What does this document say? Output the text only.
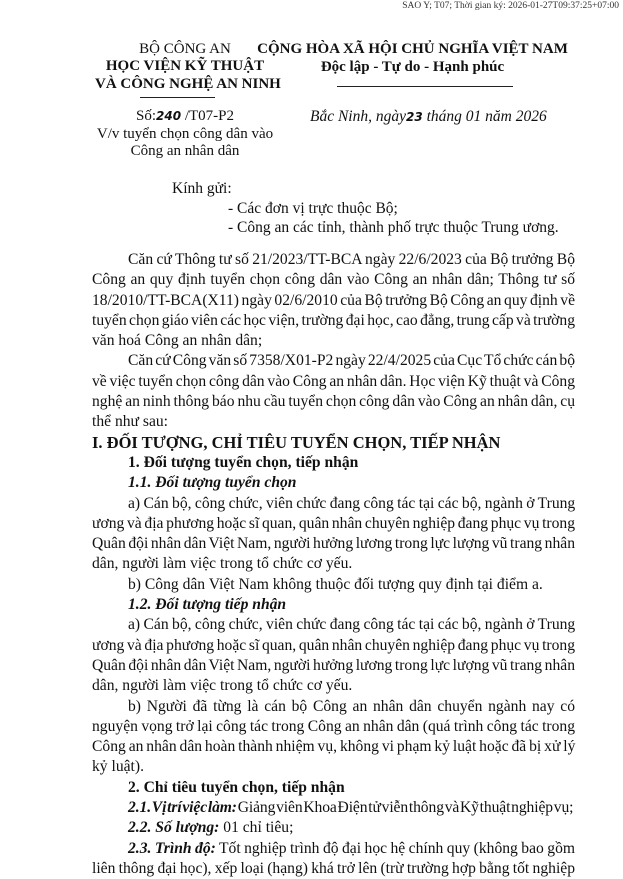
SAO Y; T07; Thời gian ký: 2026-01-27T09:37:25+07:00
BỘ CÔNG AN
HỌC VIỆN KỸ THUẬT
VÀ CÔNG NGHỆ AN NINH
CỘNG HÒA XÃ HỘI CHỦ NGHĨA VIỆT NAM
Độc lập - Tự do - Hạnh phúc
Số:240 /T07-P2
V/v tuyển chọn công dân vào
Công an nhân dân
Bắc Ninh, ngày23 tháng 01 năm 2026
Kính gửi:
- Các đơn vị trực thuộc Bộ;
- Công an các tỉnh, thành phố trực thuộc Trung ương.
Căn cứ Thông tư số 21/2023/TT-BCA ngày 22/6/2023 của Bộ trưởng Bộ
Công an quy định tuyển chọn công dân vào Công an nhân dân; Thông tư số
18/2010/TT-BCA(X11) ngày 02/6/2010 của Bộ trưởng Bộ Công an quy định về
tuyển chọn giáo viên các học viện, trường đại học, cao đẳng, trung cấp và trường
văn hoá Công an nhân dân;
Căn cứ Công văn số 7358/X01-P2 ngày 22/4/2025 của Cục Tổ chức cán bộ
về việc tuyển chọn công dân vào Công an nhân dân. Học viện Kỹ thuật và Công
nghệ an ninh thông báo nhu cầu tuyển chọn công dân vào Công an nhân dân, cụ
thể như sau:
I. ĐỐI TƯỢNG, CHỈ TIÊU TUYỂN CHỌN, TIẾP NHẬN
1. Đối tượng tuyển chọn, tiếp nhận
1.1. Đối tượng tuyển chọn
a) Cán bộ, công chức, viên chức đang công tác tại các bộ, ngành ở Trung
ương và địa phương hoặc sĩ quan, quân nhân chuyên nghiệp đang phục vụ trong
Quân đội nhân dân Việt Nam, người hưởng lương trong lực lượng vũ trang nhân
dân, người làm việc trong tổ chức cơ yếu.
b) Công dân Việt Nam không thuộc đối tượng quy định tại điểm a.
1.2. Đối tượng tiếp nhận
a) Cán bộ, công chức, viên chức đang công tác tại các bộ, ngành ở Trung
ương và địa phương hoặc sĩ quan, quân nhân chuyên nghiệp đang phục vụ trong
Quân đội nhân dân Việt Nam, người hưởng lương trong lực lượng vũ trang nhân
dân, người làm việc trong tổ chức cơ yếu.
b) Người đã từng là cán bộ Công an nhân dân chuyển ngành nay có
nguyện vọng trở lại công tác trong Công an nhân dân (quá trình công tác trong
Công an nhân dân hoàn thành nhiệm vụ, không vi phạm kỷ luật hoặc đã bị xử lý
kỷ luật).
2. Chỉ tiêu tuyển chọn, tiếp nhận
2.1. Vị trí việc làm: Giảng viên Khoa Điện tử viễn thông và Kỹ thuật nghiệp vụ;
2.2. Số lượng: 01 chỉ tiêu;
2.3. Trình độ: Tốt nghiệp trình độ đại học hệ chính quy (không bao gồm
liên thông đại học), xếp loại (hạng) khá trở lên (trừ trường hợp bằng tốt nghiệp
